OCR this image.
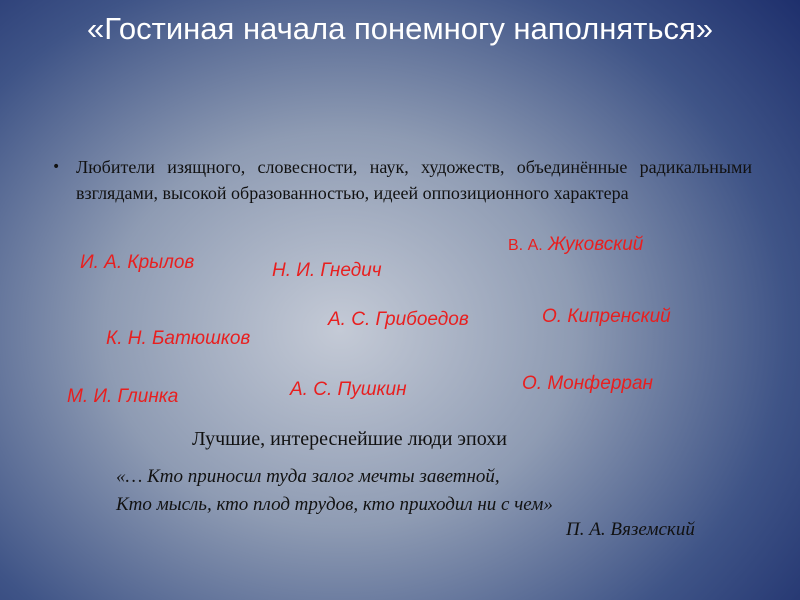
«Гостиная начала понемногу наполняться»
• Любители изящного, словесности, наук, художеств, объединённые радикальными взглядами, высокой образованностью, идеей оппозиционного характера
И. А. Крылов	Н. И. Гнедич
В. А. Жуковский
А. С. Грибоедов	О. Кипренский
К. Н. Батюшков
М. И. Глинка	А. С. Пушкин	О. Монферран
Лучшие, интереснейшие люди эпохи
«… Кто приносил туда залог мечты заветной,
Кто мысль, кто плод трудов, кто приходил ни с чем»
П. А. Вяземский
